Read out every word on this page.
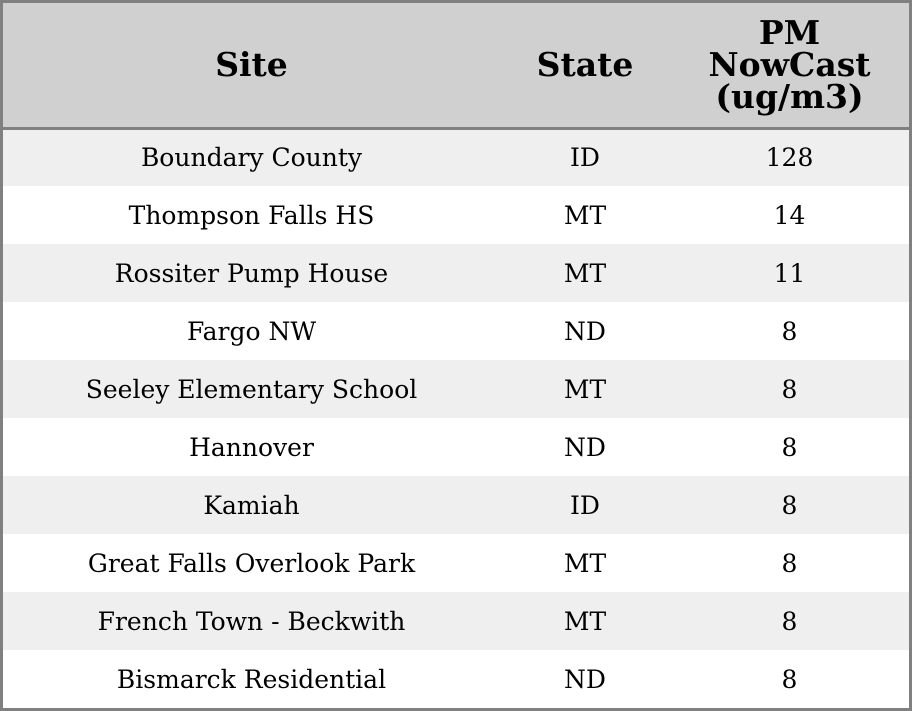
Site	State	PM
NowCast
(ug/m3)

Boundary County	ID	128
Thompson Falls HS	MT	14
Rossiter Pump House	MT	11
Fargo NW	ND	8
Seeley Elementary School	MT	8
Hannover	ND	8
Kamiah	ID	8
Great Falls Overlook Park	MT	8
French Town - Beckwith	MT	8
Bismarck Residential	ND	8
